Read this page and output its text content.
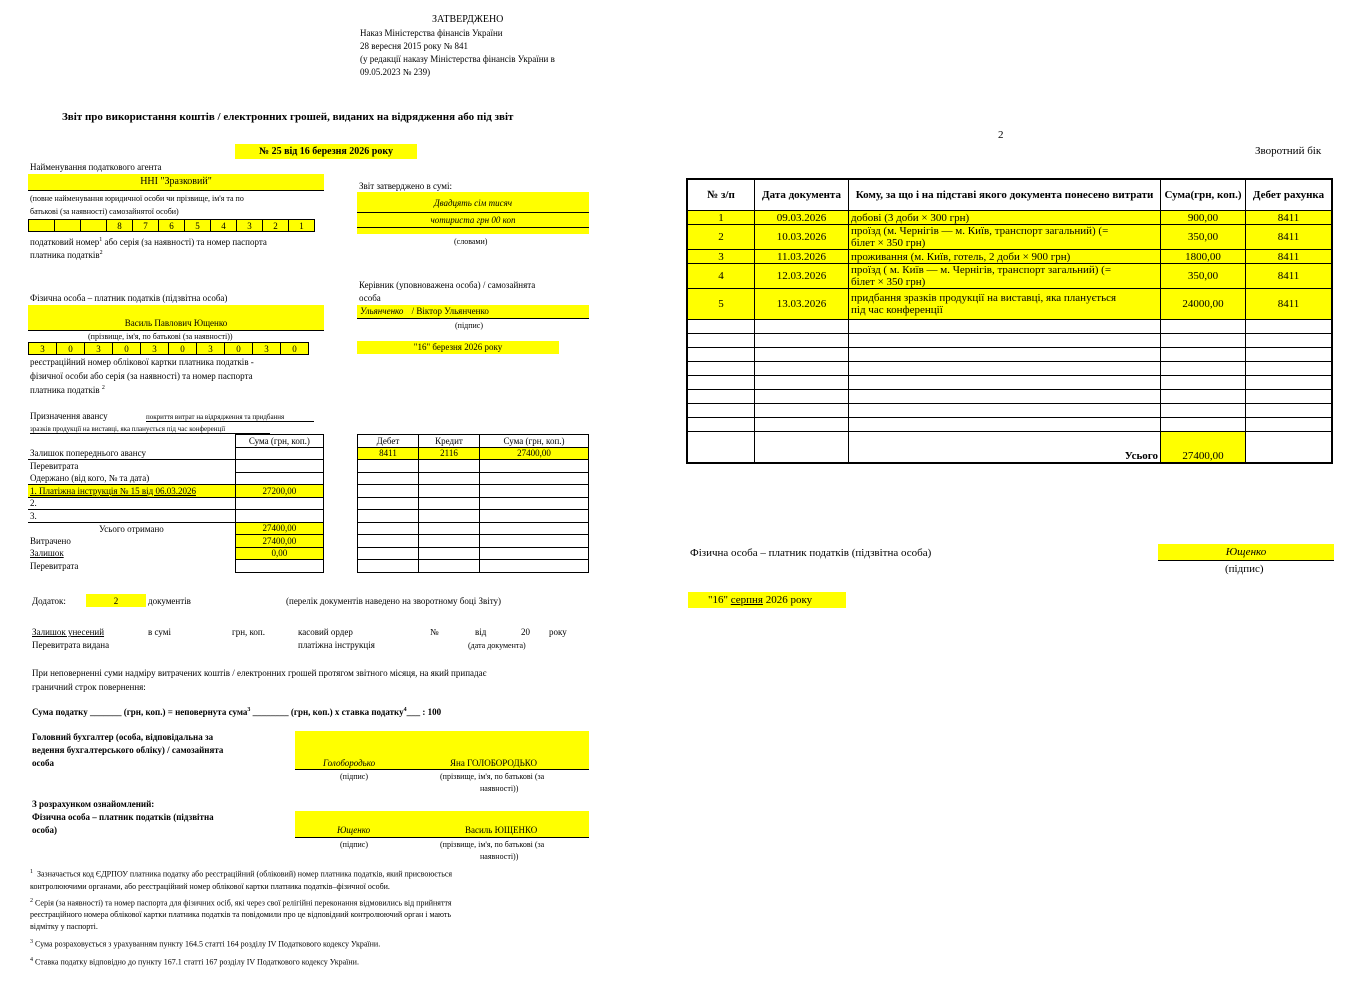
ЗАТВЕРДЖЕНО
Наказ Міністерства фінансів України
28 вересня 2015 року № 841
(у редакції наказу Міністерства фінансів України в
09.05.2023 № 239)
Звіт про використання коштів / електронних грошей, виданих на відрядження або під звіт
№ 25 від 16 березня 2026 року
Найменування податкового агента
ННІ "Зразковий"
(повне найменування юридичної особи чи прізвище, ім'я та по
батькові (за наявності) самозайнятої особи)
			8	7	6	5	4	3	2	1
податковий номер$^1$ або серія (за наявності) та номер паспорта
платника податків$^2$
Звіт затверджено в сумі:
Двадцять сім тисяч
чотириста грн 00 коп
(словами)
Керівник (уповноважена особа) / самозайнята
особа
Ульянченко / Віктор Ульянченко
(підпис)
"16" березня 2026 року
Фізична особа – платник податків (підзвітна особа)
Василь Павлович Ющенко
(прізвище, ім'я, по батькові (за наявності))
3	0	3	0	3	0	3	0	3	0
реєстраційний номер облікової картки платника податків -
фізичної особи або серія (за наявності) та номер паспорта
платника податків $^2$
Призначення авансу	покриття витрат на відрядження та придбання
зразків продукції на виставці, яка планується під час конференції
	Сума (грн, коп.)
Залишок попереднього авансу	
Перевитрата	
Одержано (від кого, № та дата)	
1. Платіжна інструкція № 15 від 06.03.2026	27200,00
2.	
3.	
Усього отримано	27400,00
Витрачено	27400,00
Залишок	0,00
Перевитрата	
Дебет	Кредит	Сума (грн, коп.)
8411	2116	27400,00

Додаток:	2	документів	(перелік документів наведено на зворотному боці Звіту)
Залишок унесений	в сумі	грн, коп.	касовий ордер	№	від	20 року
Перевитрата видана	платіжна інструкція	(дата документа)
При неповерненні суми надміру витрачених коштів / електронних грошей протягом звітного місяця, на який припадає
граничний строк повернення:
Сума податку _______ (грн, коп.) = неповернута сума$^3$ ________ (грн, коп.) х ставка податку$^4$___ : 100
Головний бухгалтер (особа, відповідальна за
ведення бухгалтерського обліку) / самозайнята
особа	Голобородько	Яна ГОЛОБОРОДЬКО
(підпис)	(прізвище, ім'я, по батькові (за
наявності))
З розрахунком ознайомлений:
Фізична особа – платник податків (підзвітна
особа)	Ющенко	Василь ЮЩЕНКО
(підпис)	(прізвище, ім'я, по батькові (за
наявності))
$^1$ Зазначається код ЄДРПОУ платника податку або реєстраційний (обліковий) номер платника податків, який присвоюється
контролюючими органами, або реєстраційний номер облікової картки платника податків–фізичної особи.
$^2$ Серія (за наявності) та номер паспорта для фізичних осіб, які через свої релігійні переконання відмовились від прийняття
реєстраційного номера облікової картки платника податків та повідомили про це відповідний контролюючий орган і мають
відмітку у паспорті.
$^3$ Сума розраховується з урахуванням пункту 164.5 статті 164 розділу IV Податкового кодексу України.
$^4$ Ставка податку відповідно до пункту 167.1 статті 167 розділу IV Податкового кодексу України.
2
Зворотний бік
№ з/п	Дата документа	Кому, за що і на підставі якого документа понесено витрати	Сума(грн, коп.)	Дебет рахунка
1	09.03.2026	добові (3 доби × 300 грн)	900,00	8411
2	10.03.2026	проїзд (м. Чернігів — м. Київ, транспорт загальний) (=
білет × 350 грн)	350,00	8411
3	11.03.2026	проживання (м. Київ, готель, 2 доби × 900 грн)	1800,00	8411
4	12.03.2026	проїзд ( м. Київ — м. Чернігів, транспорт загальний) (=
білет × 350 грн)	350,00	8411
5	13.03.2026	придбання зразків продукції на виставці, яка планується
під час конференції	24000,00	8411

		Усього	27400,00	
Фізична особа – платник податків (підзвітна особа)	Ющенко
(підпис)
"16" серпня 2026 року
